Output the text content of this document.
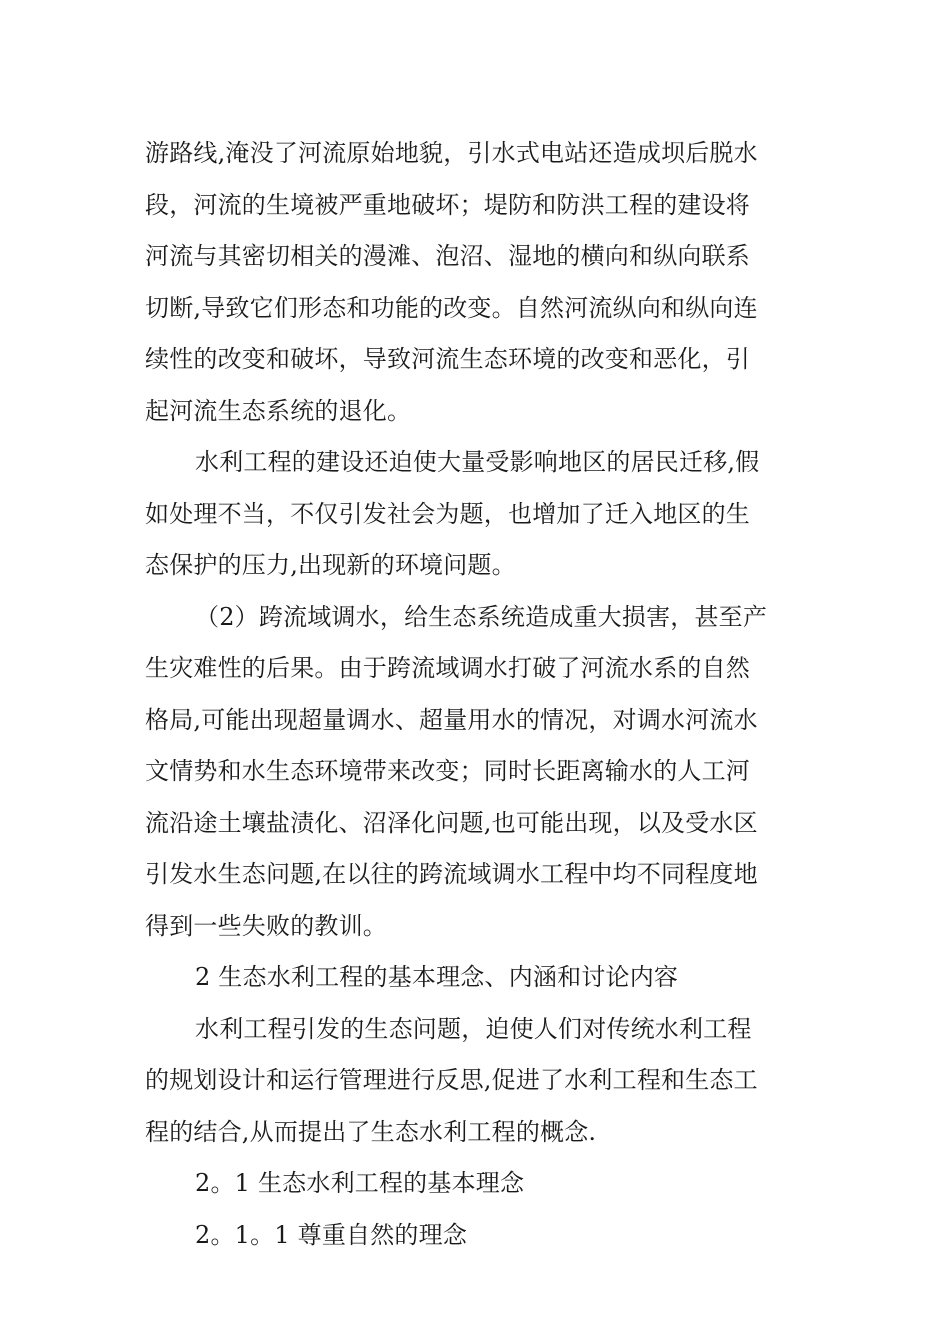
游路线,淹没了河流原始地貌，引水式电站还造成坝后脱水
段，河流的生境被严重地破坏；堤防和防洪工程的建设将
河流与其密切相关的漫滩、泡沼、湿地的横向和纵向联系
切断,导致它们形态和功能的改变。自然河流纵向和纵向连
续性的改变和破坏，导致河流生态环境的改变和恶化，引
起河流生态系统的退化。

水利工程的建设还迫使大量受影响地区的居民迁移,假
如处理不当，不仅引发社会为题，也增加了迁入地区的生
态保护的压力,出现新的环境问题。

（2）跨流域调水，给生态系统造成重大损害，甚至产
生灾难性的后果。由于跨流域调水打破了河流水系的自然
格局,可能出现超量调水、超量用水的情况，对调水河流水
文情势和水生态环境带来改变；同时长距离输水的人工河
流沿途土壤盐渍化、沼泽化问题,也可能出现，以及受水区
引发水生态问题,在以往的跨流域调水工程中均不同程度地
得到一些失败的教训。

2 生态水利工程的基本理念、内涵和讨论内容

水利工程引发的生态问题，迫使人们对传统水利工程
的规划设计和运行管理进行反思,促进了水利工程和生态工
程的结合,从而提出了生态水利工程的概念.

2。1 生态水利工程的基本理念

2。1。1 尊重自然的理念
